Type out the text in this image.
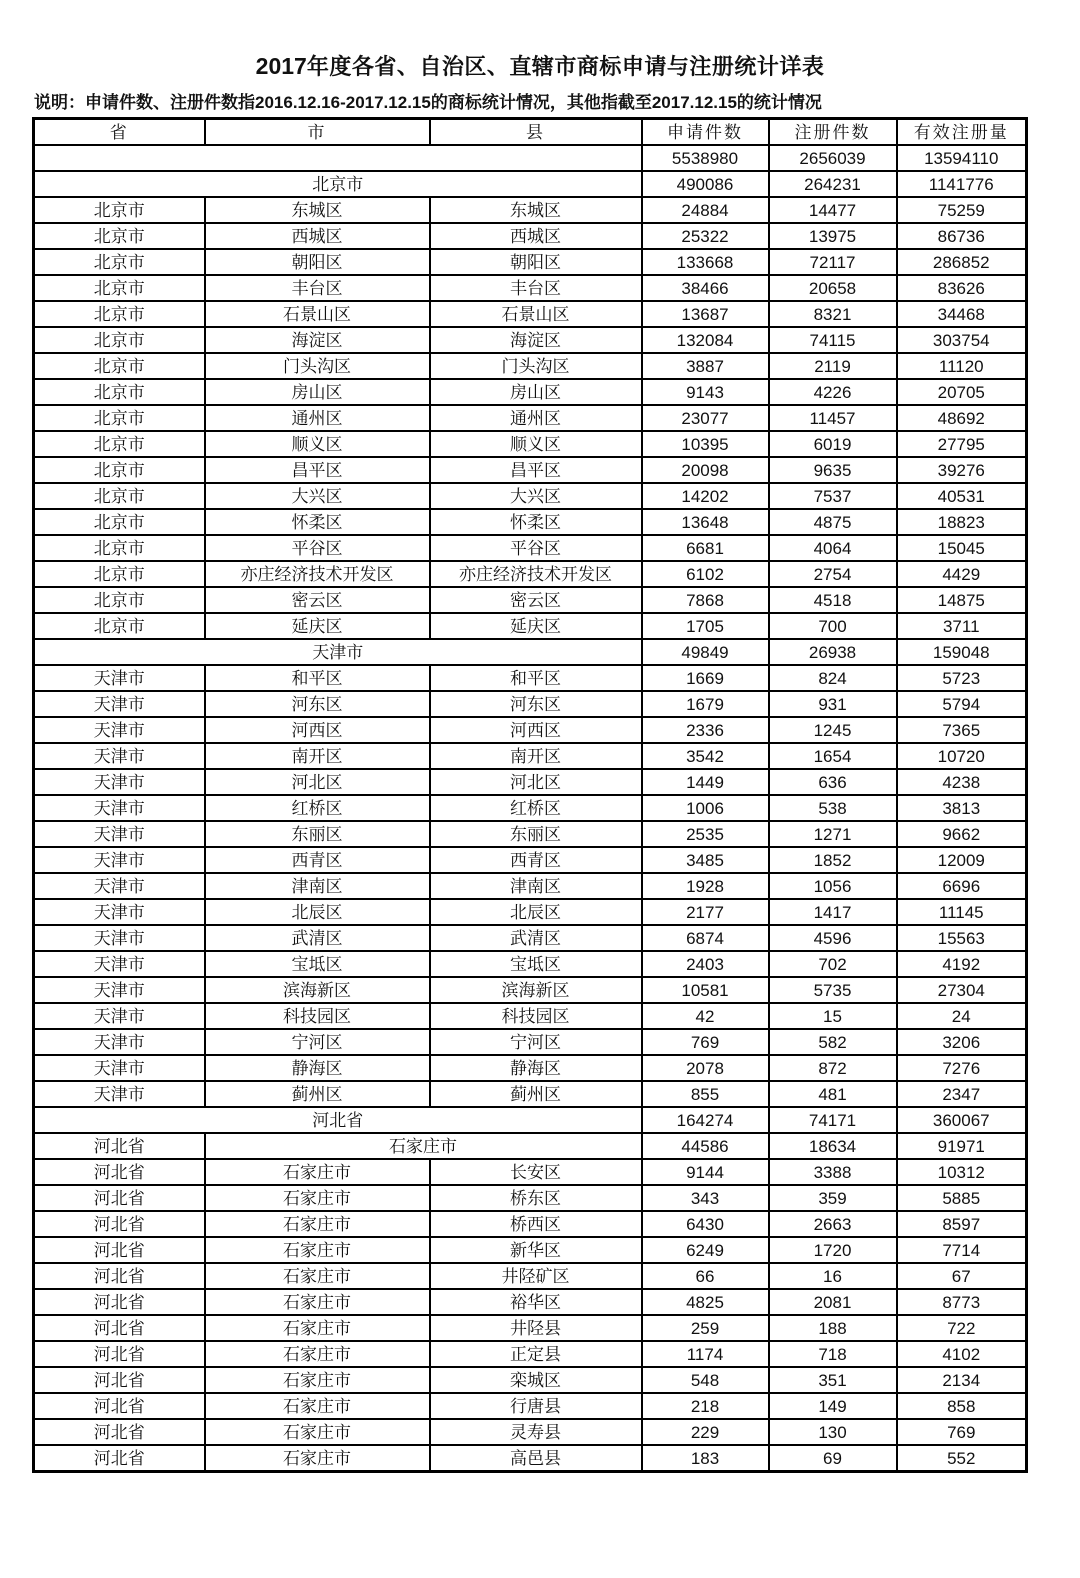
2017年度各省、自治区、直辖市商标申请与注册统计详表
说明：申请件数、注册件数指2016.12.16-2017.12.15的商标统计情况，其他指截至2017.12.15的统计情况
省	市	县	申请件数	注册件数	有效注册量
			5538980	2656039	13594110
北京市			490086	264231	1141776
北京市	东城区	东城区	24884	14477	75259
北京市	西城区	西城区	25322	13975	86736
北京市	朝阳区	朝阳区	133668	72117	286852
北京市	丰台区	丰台区	38466	20658	83626
北京市	石景山区	石景山区	13687	8321	34468
北京市	海淀区	海淀区	132084	74115	303754
北京市	门头沟区	门头沟区	3887	2119	11120
北京市	房山区	房山区	9143	4226	20705
北京市	通州区	通州区	23077	11457	48692
北京市	顺义区	顺义区	10395	6019	27795
北京市	昌平区	昌平区	20098	9635	39276
北京市	大兴区	大兴区	14202	7537	40531
北京市	怀柔区	怀柔区	13648	4875	18823
北京市	平谷区	平谷区	6681	4064	15045
北京市	亦庄经济技术开发区	亦庄经济技术开发区	6102	2754	4429
北京市	密云区	密云区	7868	4518	14875
北京市	延庆区	延庆区	1705	700	3711
天津市			49849	26938	159048
天津市	和平区	和平区	1669	824	5723
天津市	河东区	河东区	1679	931	5794
天津市	河西区	河西区	2336	1245	7365
天津市	南开区	南开区	3542	1654	10720
天津市	河北区	河北区	1449	636	4238
天津市	红桥区	红桥区	1006	538	3813
天津市	东丽区	东丽区	2535	1271	9662
天津市	西青区	西青区	3485	1852	12009
天津市	津南区	津南区	1928	1056	6696
天津市	北辰区	北辰区	2177	1417	11145
天津市	武清区	武清区	6874	4596	15563
天津市	宝坻区	宝坻区	2403	702	4192
天津市	滨海新区	滨海新区	10581	5735	27304
天津市	科技园区	科技园区	42	15	24
天津市	宁河区	宁河区	769	582	3206
天津市	静海区	静海区	2078	872	7276
天津市	蓟州区	蓟州区	855	481	2347
河北省			164274	74171	360067
河北省	石家庄市		44586	18634	91971
河北省	石家庄市	长安区	9144	3388	10312
河北省	石家庄市	桥东区	343	359	5885
河北省	石家庄市	桥西区	6430	2663	8597
河北省	石家庄市	新华区	6249	1720	7714
河北省	石家庄市	井陉矿区	66	16	67
河北省	石家庄市	裕华区	4825	2081	8773
河北省	石家庄市	井陉县	259	188	722
河北省	石家庄市	正定县	1174	718	4102
河北省	石家庄市	栾城区	548	351	2134
河北省	石家庄市	行唐县	218	149	858
河北省	石家庄市	灵寿县	229	130	769
河北省	石家庄市	高邑县	183	69	552
